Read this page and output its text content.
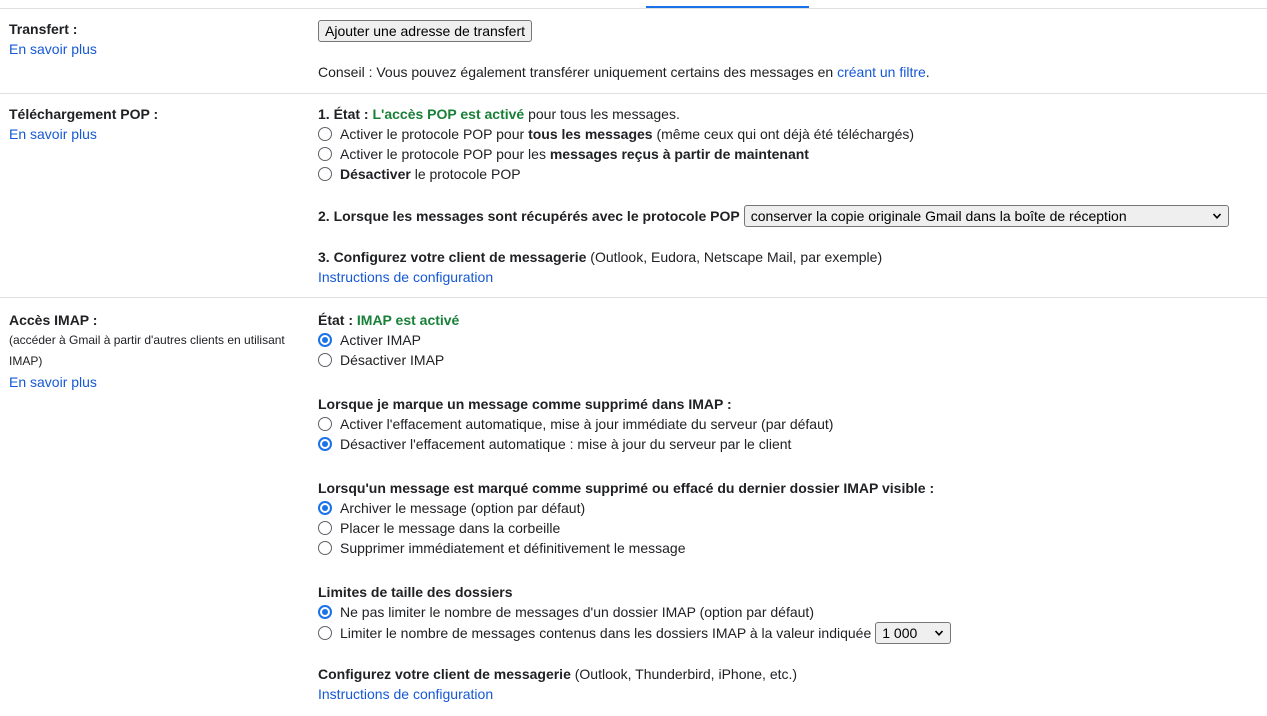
Transfert :
En savoir plus
Ajouter une adresse de transfert
Conseil : Vous pouvez également transférer uniquement certains des messages en créant un filtre .
Téléchargement POP :
En savoir plus
1. État : L'accès POP est activé pour tous les messages.
Activer le protocole POP pour tous les messages (même ceux qui ont déjà été téléchargés)
Activer le protocole POP pour les messages reçus à partir de maintenant
Désactiver le protocole POP
2. Lorsque les messages sont récupérés avec le protocole POP conserver la copie originale Gmail dans la boîte de réception
3. Configurez votre client de messagerie (Outlook, Eudora, Netscape Mail, par exemple)
Instructions de configuration
Accès IMAP :
(accéder à Gmail à partir d'autres clients en utilisant IMAP)
En savoir plus
État : IMAP est activé
Activer IMAP
Désactiver IMAP
Lorsque je marque un message comme supprimé dans IMAP :
Activer l'effacement automatique, mise à jour immédiate du serveur (par défaut)
Désactiver l'effacement automatique : mise à jour du serveur par le client
Lorsqu'un message est marqué comme supprimé ou effacé du dernier dossier IMAP visible :
Archiver le message (option par défaut)
Placer le message dans la corbeille
Supprimer immédiatement et définitivement le message
Limites de taille des dossiers
Ne pas limiter le nombre de messages d'un dossier IMAP (option par défaut)
Limiter le nombre de messages contenus dans les dossiers IMAP à la valeur indiquée 1 000
Configurez votre client de messagerie (Outlook, Thunderbird, iPhone, etc.)
Instructions de configuration
